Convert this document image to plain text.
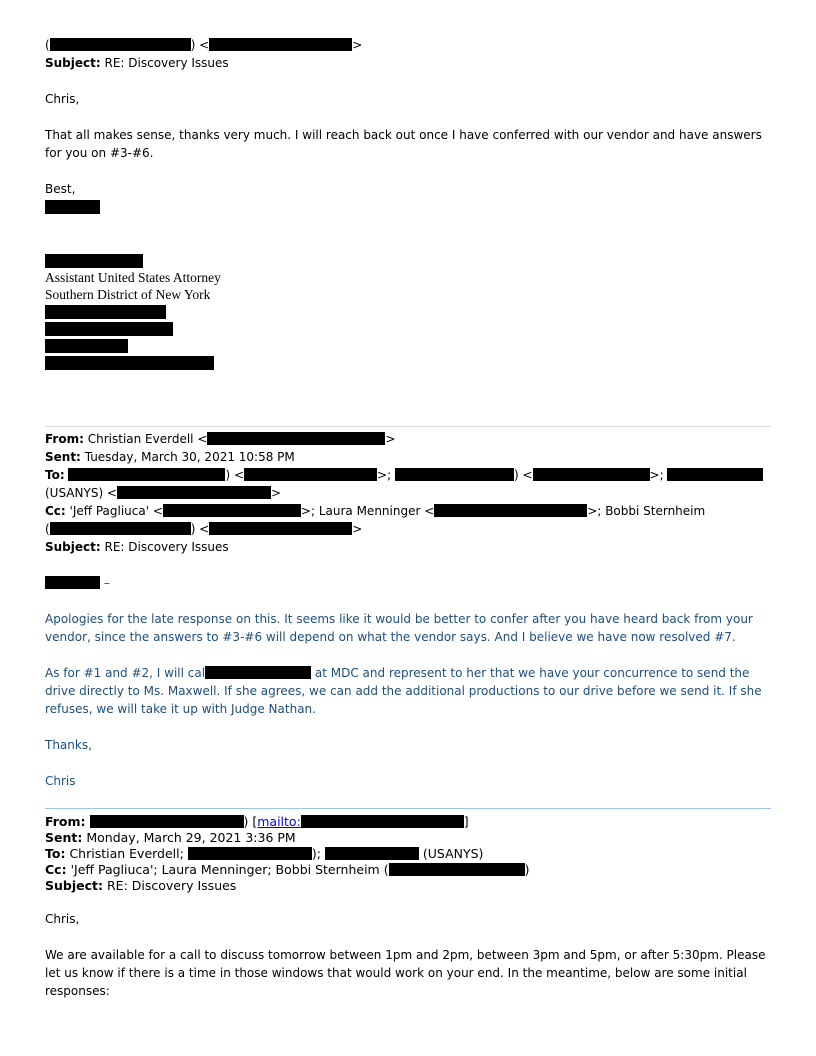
(	) <	>
Subject: RE: Discovery Issues
Chris,
That all makes sense, thanks very much. I will reach back out once I have conferred with our vendor and have answers for you on #3-#6.
Best,
Assistant United States Attorney
Southern District of New York
From: Christian Everdell <	>
Sent: Tuesday, March 30, 2021 10:58 PM
To:	) <	>;	) <	>;
(USANYS) <	>
Cc: 'Jeff Pagliuca' <	>; Laura Menninger <	>; Bobbi Sternheim
(	) <	>
Subject: RE: Discovery Issues
–
Apologies for the late response on this. It seems like it would be better to confer after you have heard back from your vendor, since the answers to #3-#6 will depend on what the vendor says. And I believe we have now resolved #7.
As for #1 and #2, I will cal	at MDC and represent to her that we have your concurrence to send the drive directly to Ms. Maxwell. If she agrees, we can add the additional productions to our drive before we send it. If she refuses, we will take it up with Judge Nathan.
Thanks,
Chris
From:	) [mailto:	]
Sent: Monday, March 29, 2021 3:36 PM
To: Christian Everdell;	);	(USANYS)
Cc: 'Jeff Pagliuca'; Laura Menninger; Bobbi Sternheim (	)
Subject: RE: Discovery Issues
Chris,
We are available for a call to discuss tomorrow between 1pm and 2pm, between 3pm and 5pm, or after 5:30pm. Please let us know if there is a time in those windows that would work on your end. In the meantime, below are some initial responses:
